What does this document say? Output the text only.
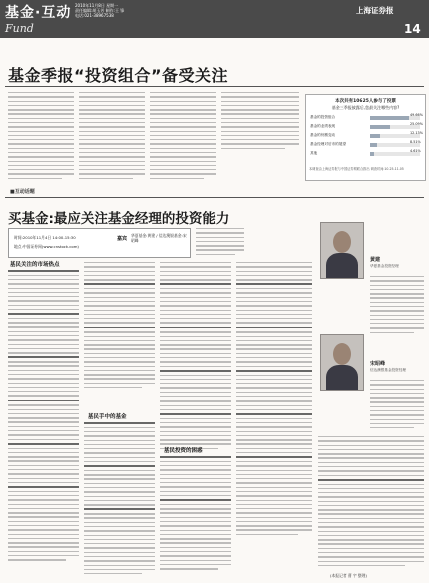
基金·互动
Fund
2010年11月8日 星期一
责任编辑:胡玉芳 制作:王 锋
电话:021-38967538
上海证券报
14
基金季报“投资组合”备受关注
本次共有10625人参与了投票
基金三季报披露后,您最关注哪些内容?
基金的投资组合	49.66%
基金的业绩表现	25.09%
基金的份额变动	12.13%
基金经理对后市的展望	8.51%
其他	4.61%
本调查由上海证券报与中国证券网联合推出 调查时间:10.25-11.05
■互动话题
买基金:最应关注基金经理的投资能力
时间:2010年11月4日 14:00-15:30
地点:中国证券网(www.cnstock.com)
嘉宾
华夏基金:黄建 / 信达澳银基金:宋昭峰
黄建
华夏基金投资经理
基民关注的市场热点
基民手中的基金
基民投资的困惑
宋昭峰
信达澳银基金投资经理
(本报记者 曹 宇 整理)
